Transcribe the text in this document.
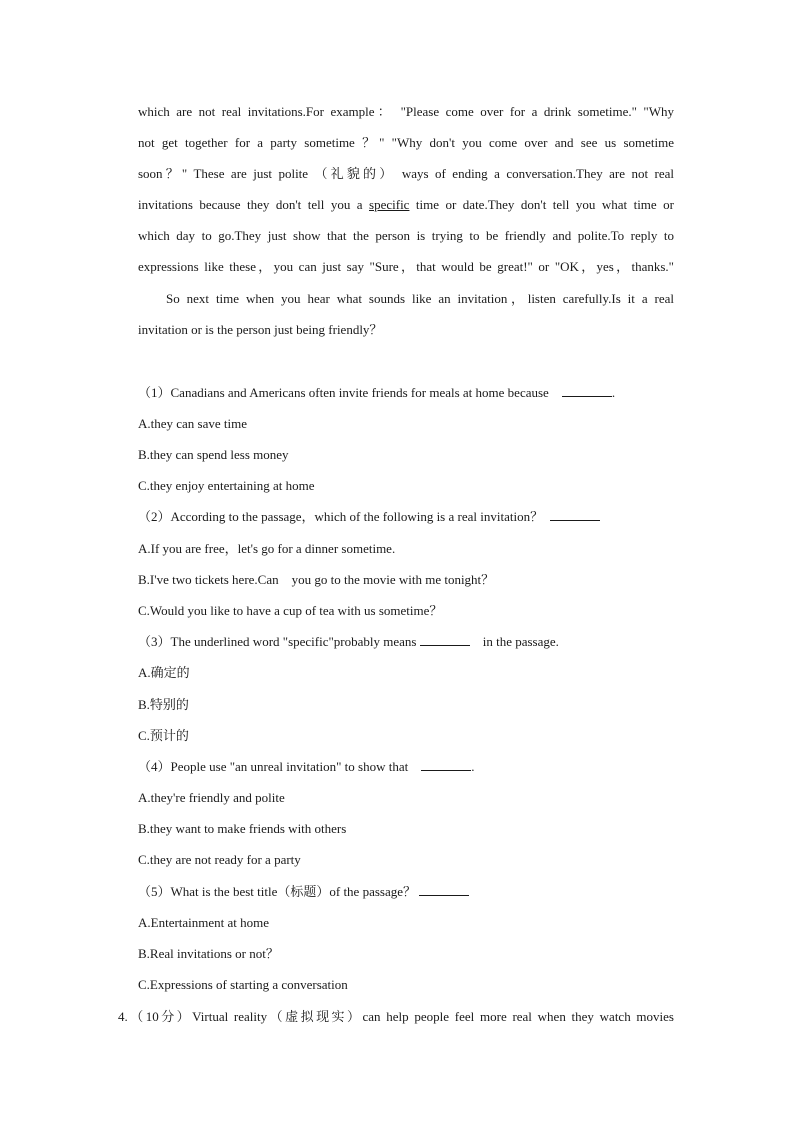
which are not real invitations.For example： "Please come over for a drink sometime." "Why

not get together for a party sometime ？" "Why don't you come over and see us sometime

soon？" These are just polite （礼貌的） ways of ending a conversation.They are not real

invitations because they don't tell you a specific time or date.They don't tell you what time or

which day to go.They just show that the person is trying to be friendly and polite.To reply to

expressions like these，you can just say "Sure，that would be great!" or "OK，yes，thanks."

So next time when you hear what sounds like an invitation，listen carefully.Is it a real

invitation or is the person just being friendly？

（1）Canadians and Americans often invite friends for meals at home because	.

A.they can save time

B.they can spend less money

C.they enjoy entertaining at home

（2）According to the passage，which of the following is a real invitation？

A.If you are free，let's go for a dinner sometime.

B.I've two tickets here.Can　you go to the movie with me tonight？

C.Would you like to have a cup of tea with us sometime？

（3）The underlined word "specific"probably means	in the passage.

A.确定的

B.特别的

C.预计的

（4）People use "an unreal invitation" to show that	.

A.they're friendly and polite

B.they want to make friends with others

C.they are not ready for a party

（5）What is the best title（标题）of the passage？

A.Entertainment at home

B.Real invitations or not？

C.Expressions of starting a conversation

4.（10分）Virtual reality（虚拟现实）can help people feel more real when they watch movies
